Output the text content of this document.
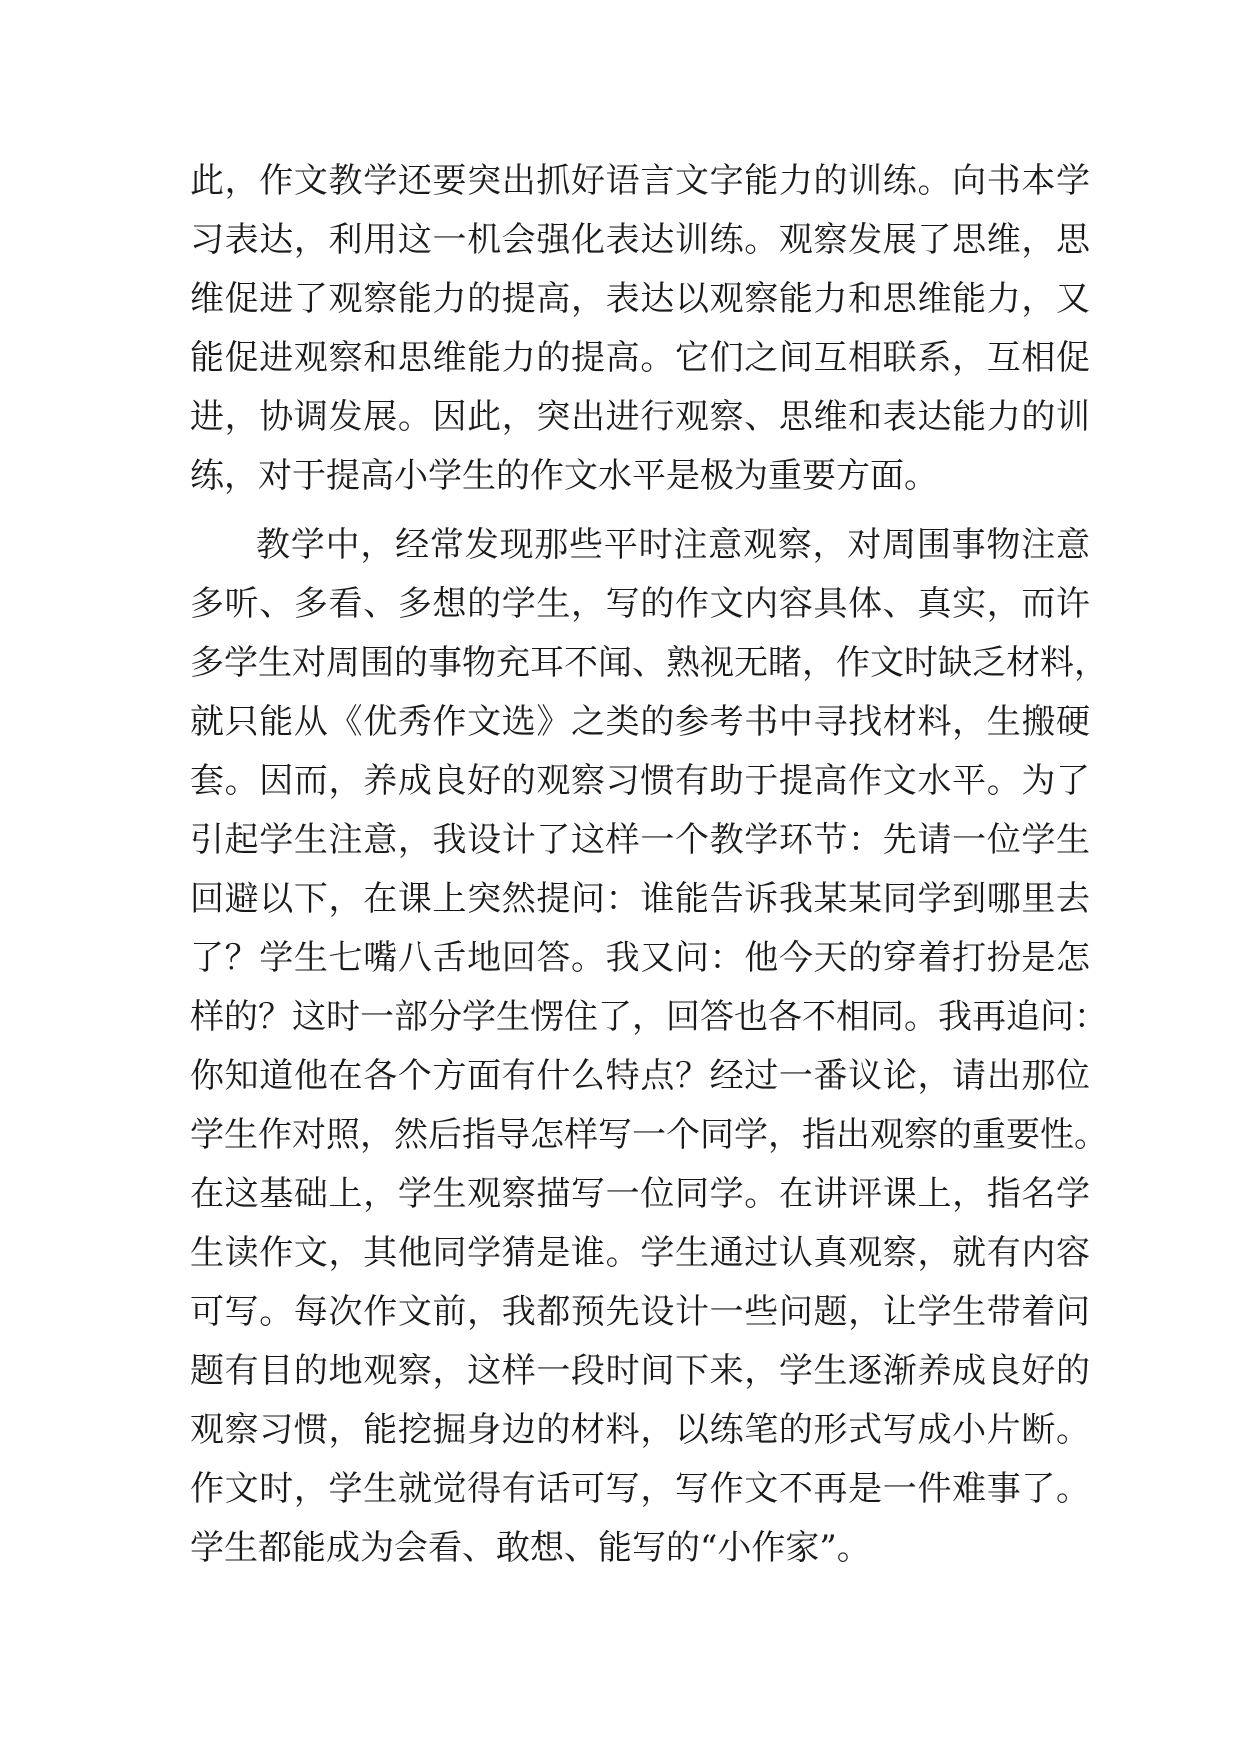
此，作文教学还要突出抓好语言文字能力的训练。向书本学
习表达，利用这一机会强化表达训练。观察发展了思维，思
维促进了观察能力的提高，表达以观察能力和思维能力，又
能促进观察和思维能力的提高。它们之间互相联系，互相促
进，协调发展。因此，突出进行观察、思维和表达能力的训
练，对于提高小学生的作文水平是极为重要方面。
教学中，经常发现那些平时注意观察，对周围事物注意
多听、多看、多想的学生，写的作文内容具体、真实，而许
多学生对周围的事物充耳不闻、熟视无睹，作文时缺乏材料，
就只能从《优秀作文选》之类的参考书中寻找材料，生搬硬
套。因而，养成良好的观察习惯有助于提高作文水平。为了
引起学生注意，我设计了这样一个教学环节：先请一位学生
回避以下，在课上突然提问：谁能告诉我某某同学到哪里去
了？学生七嘴八舌地回答。我又问：他今天的穿着打扮是怎
样的？这时一部分学生愣住了，回答也各不相同。我再追问：
你知道他在各个方面有什么特点？经过一番议论，请出那位
学生作对照，然后指导怎样写一个同学，指出观察的重要性。
在这基础上，学生观察描写一位同学。在讲评课上，指名学
生读作文，其他同学猜是谁。学生通过认真观察，就有内容
可写。每次作文前，我都预先设计一些问题，让学生带着问
题有目的地观察，这样一段时间下来，学生逐渐养成良好的
观察习惯，能挖掘身边的材料，以练笔的形式写成小片断。
作文时，学生就觉得有话可写，写作文不再是一件难事了。
学生都能成为会看、敢想、能写的“小作家”。
